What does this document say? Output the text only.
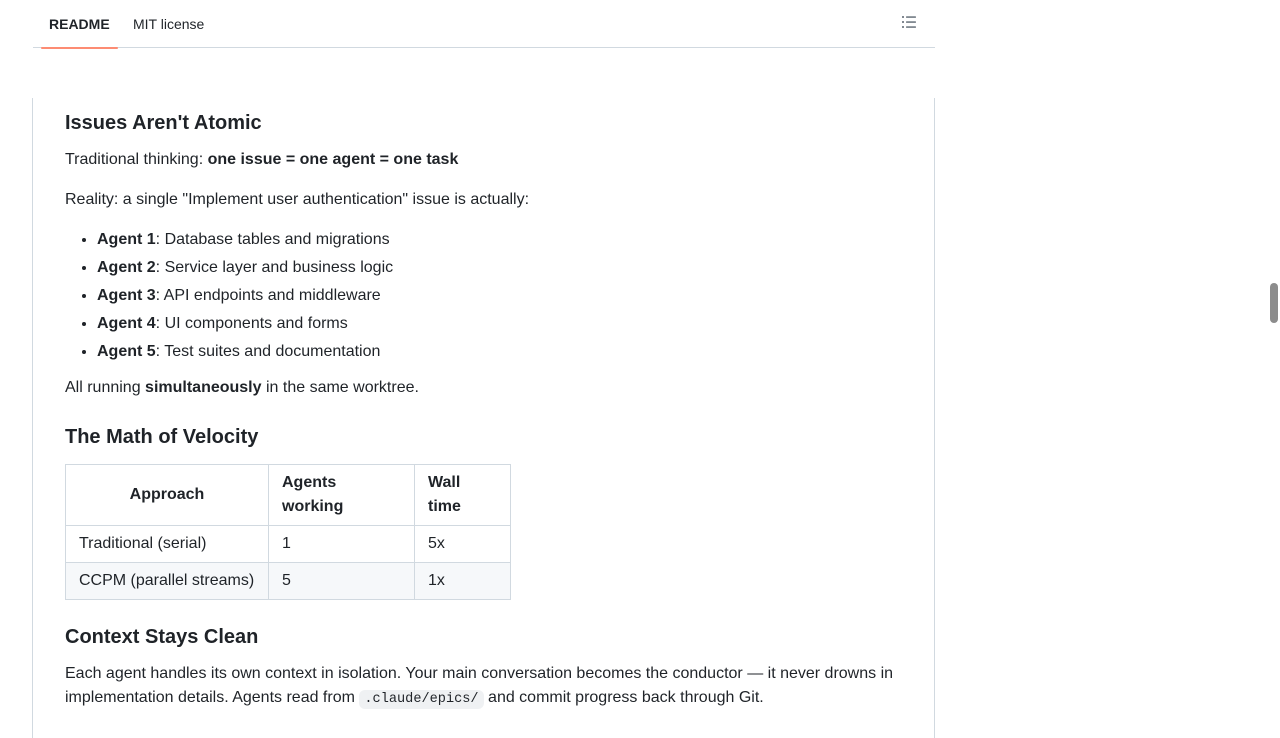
README	MIT license
Issues Aren't Atomic

Traditional thinking: one issue = one agent = one task

Reality: a single "Implement user authentication" issue is actually:

• Agent 1: Database tables and migrations
• Agent 2: Service layer and business logic
• Agent 3: API endpoints and middleware
• Agent 4: UI components and forms
• Agent 5: Test suites and documentation

All running simultaneously in the same worktree.

The Math of Velocity
Approach	Agents working	Wall time
Traditional (serial)	1	5x
CCPM (parallel streams)	5	1x
Context Stays Clean

Each agent handles its own context in isolation. Your main conversation becomes the conductor — it never drowns in implementation details. Agents read from .claude/epics/ and commit progress back through Git.
